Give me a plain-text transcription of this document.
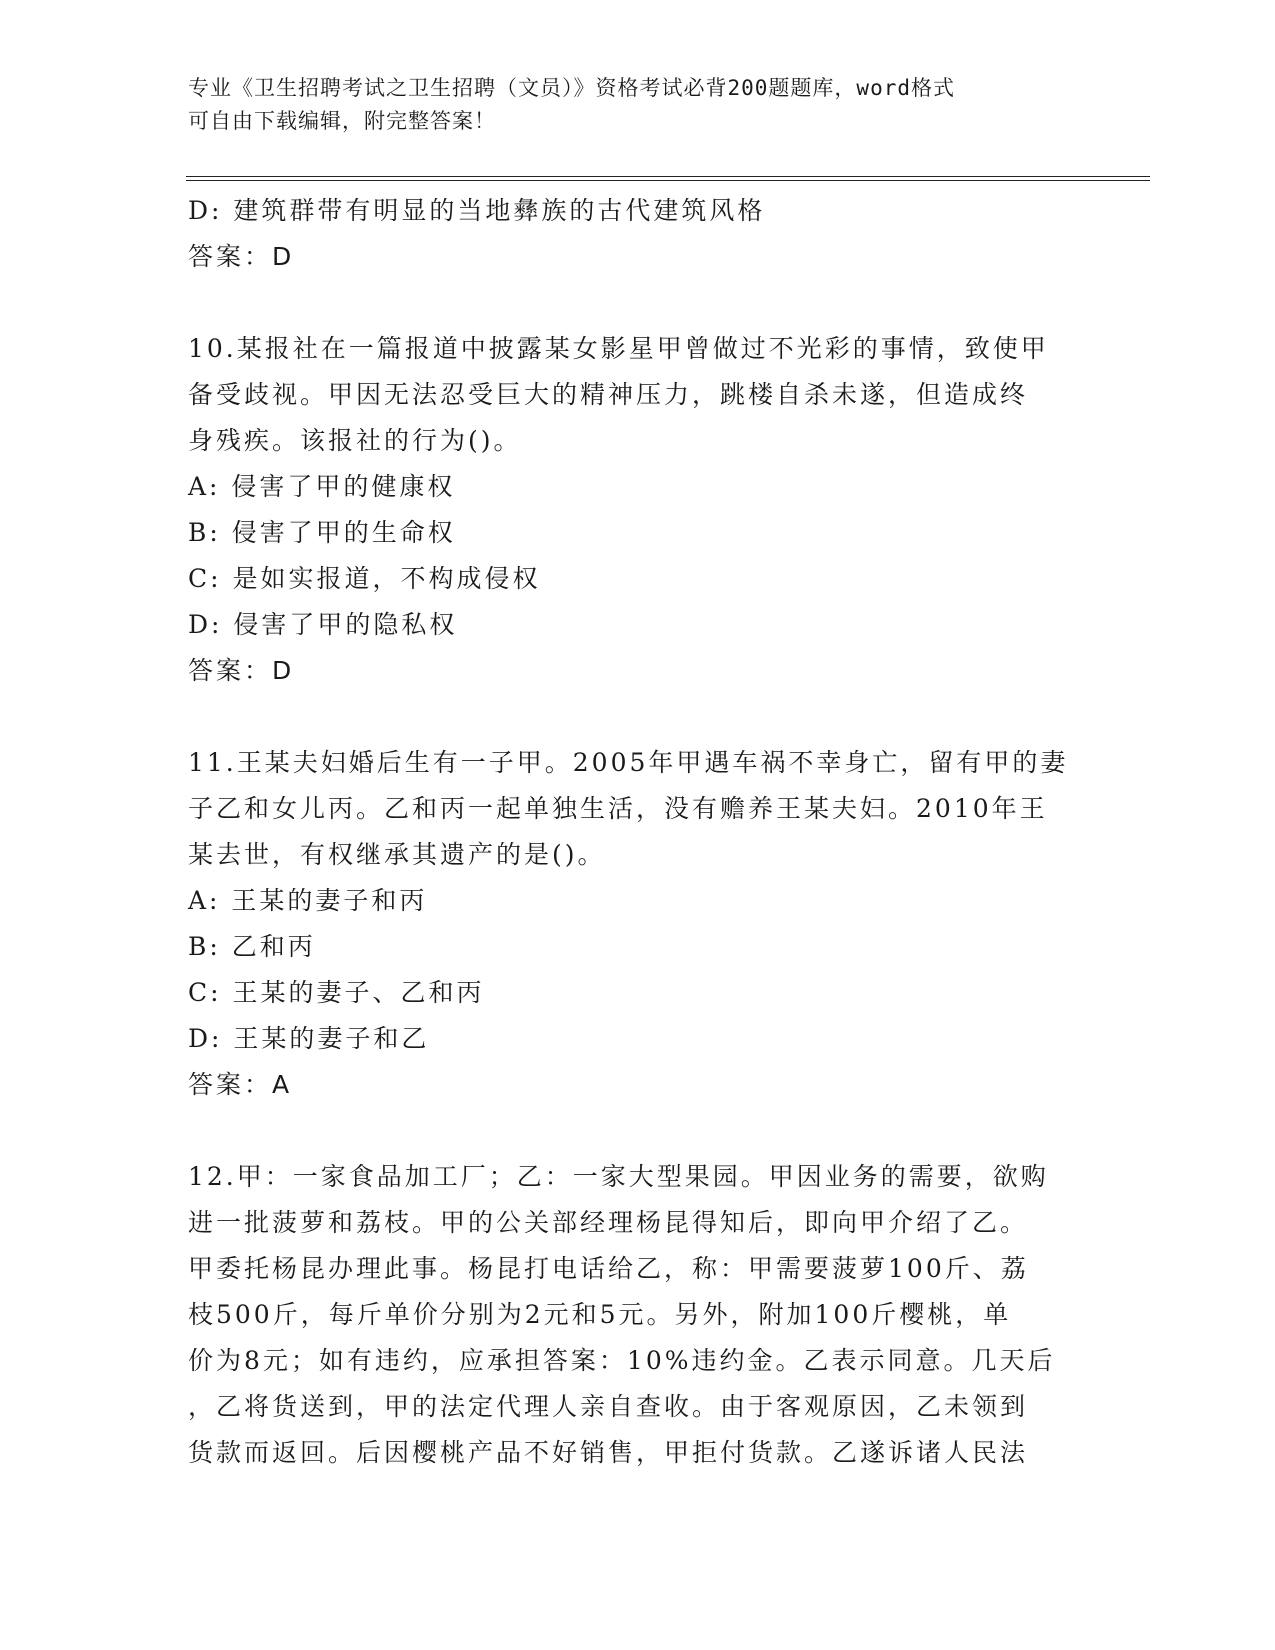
专业《卫生招聘考试之卫生招聘（文员）》资格考试必背200题题库，word格式

可自由下载编辑，附完整答案！

D: 建筑群带有明显的当地彝族的古代建筑风格

答案：D

10.某报社在一篇报道中披露某女影星甲曾做过不光彩的事情，致使甲

备受歧视。甲因无法忍受巨大的精神压力，跳楼自杀未遂，但造成终

身残疾。该报社的行为()。

A: 侵害了甲的健康权

B: 侵害了甲的生命权

C: 是如实报道，不构成侵权

D: 侵害了甲的隐私权

答案：D

11.王某夫妇婚后生有一子甲。2005年甲遇车祸不幸身亡，留有甲的妻

子乙和女儿丙。乙和丙一起单独生活，没有赡养王某夫妇。2010年王

某去世，有权继承其遗产的是()。

A: 王某的妻子和丙

B: 乙和丙

C: 王某的妻子、乙和丙

D: 王某的妻子和乙

答案：A

12.甲：一家食品加工厂；乙：一家大型果园。甲因业务的需要，欲购

进一批菠萝和荔枝。甲的公关部经理杨昆得知后，即向甲介绍了乙。

甲委托杨昆办理此事。杨昆打电话给乙，称：甲需要菠萝100斤、荔

枝500斤，每斤单价分别为2元和5元。另外，附加100斤樱桃，单

价为8元；如有违约，应承担答案：10%违约金。乙表示同意。几天后

，乙将货送到，甲的法定代理人亲自查收。由于客观原因，乙未领到

货款而返回。后因樱桃产品不好销售，甲拒付货款。乙遂诉诸人民法
